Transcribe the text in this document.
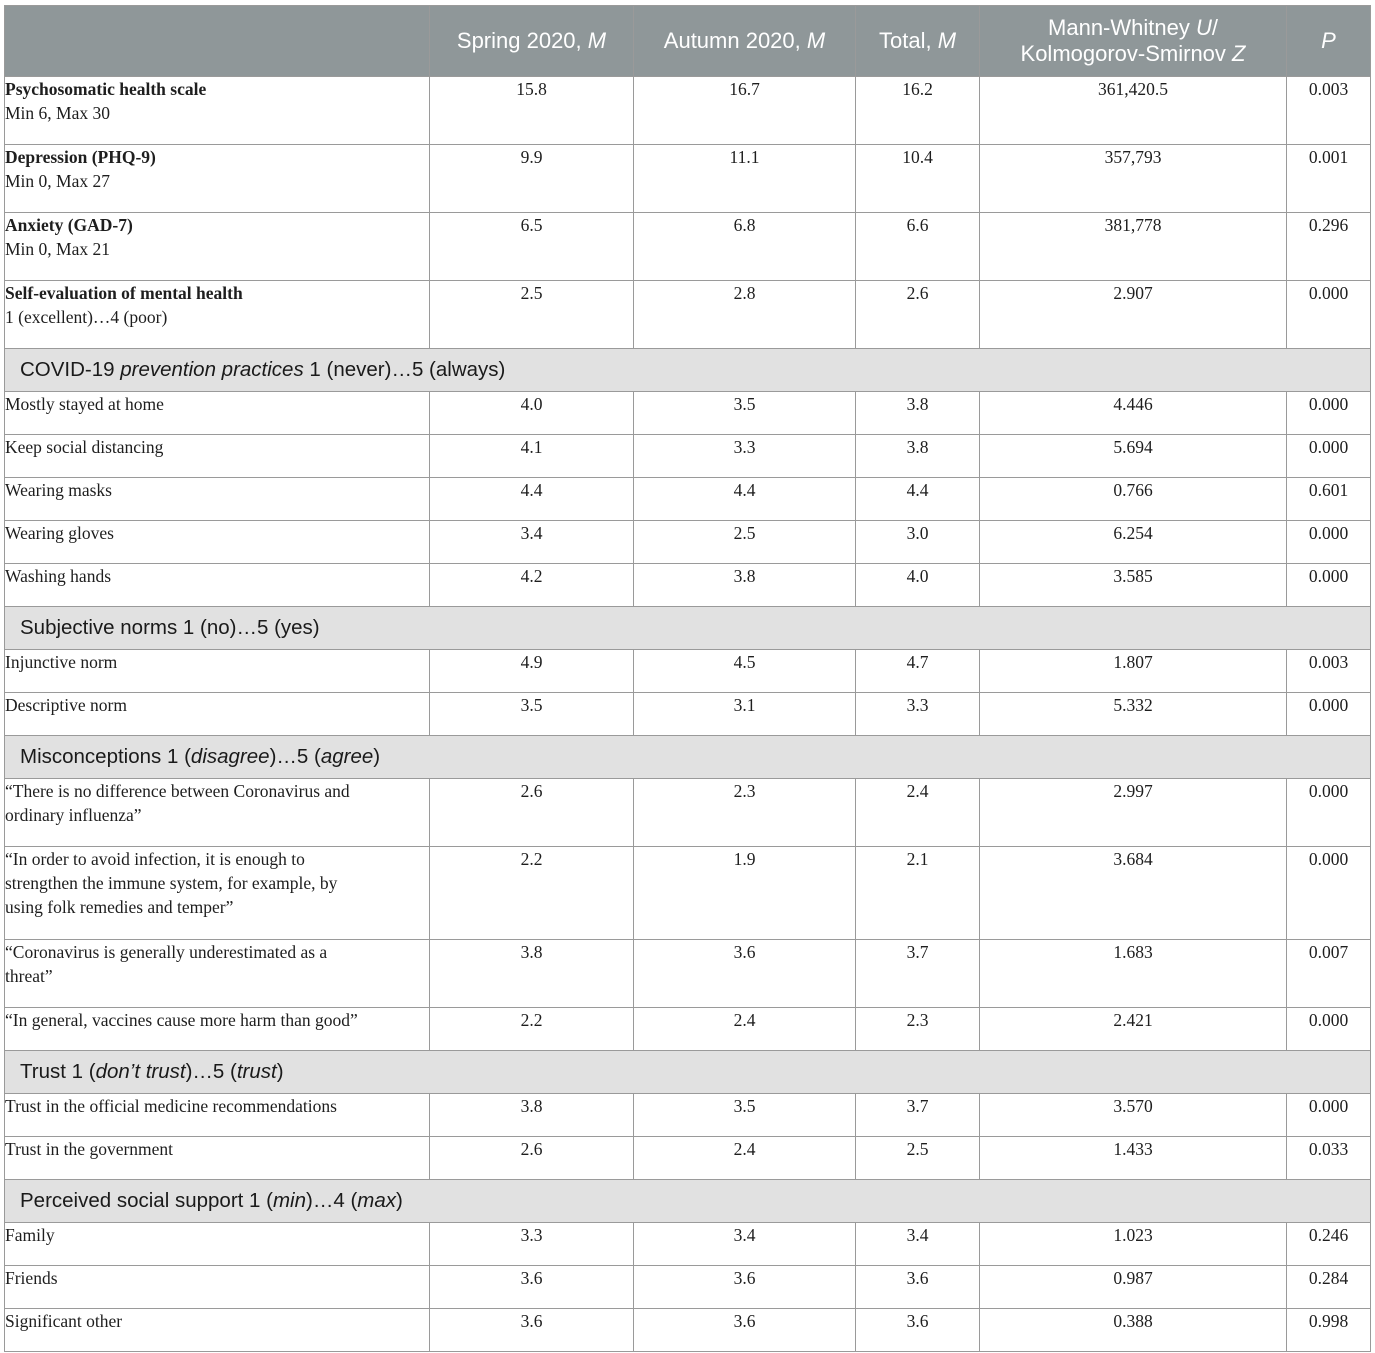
	Spring 2020, M	Autumn 2020, M	Total, M	Mann-Whitney U/
Kolmogorov-Smirnov Z	P
Psychosomatic health scale
Min 6, Max 30	15.8	16.7	16.2	361,420.5	0.003
Depression (PHQ-9)
Min 0, Max 27	9.9	11.1	10.4	357,793	0.001
Anxiety (GAD-7)
Min 0, Max 21	6.5	6.8	6.6	381,778	0.296
Self-evaluation of mental health
1 (excellent)…4 (poor)	2.5	2.8	2.6	2.907	0.000
COVID-19 prevention practices 1 (never)…5 (always)					
Mostly stayed at home	4.0	3.5	3.8	4.446	0.000
Keep social distancing	4.1	3.3	3.8	5.694	0.000
Wearing masks	4.4	4.4	4.4	0.766	0.601
Wearing gloves	3.4	2.5	3.0	6.254	0.000
Washing hands	4.2	3.8	4.0	3.585	0.000
Subjective norms 1 (no)…5 (yes)					
Injunctive norm	4.9	4.5	4.7	1.807	0.003
Descriptive norm	3.5	3.1	3.3	5.332	0.000
Misconceptions 1 (disagree)…5 (agree)					
“There is no difference between Coronavirus and
ordinary influenza”	2.6	2.3	2.4	2.997	0.000
“In order to avoid infection, it is enough to
strengthen the immune system, for example, by
using folk remedies and temper”	2.2	1.9	2.1	3.684	0.000
“Coronavirus is generally underestimated as a
threat”	3.8	3.6	3.7	1.683	0.007
“In general, vaccines cause more harm than good”	2.2	2.4	2.3	2.421	0.000
Trust 1 (don’t trust)…5 (trust)					
Trust in the official medicine recommendations	3.8	3.5	3.7	3.570	0.000
Trust in the government	2.6	2.4	2.5	1.433	0.033
Perceived social support 1 (min)…4 (max)					
Family	3.3	3.4	3.4	1.023	0.246
Friends	3.6	3.6	3.6	0.987	0.284
Significant other	3.6	3.6	3.6	0.388	0.998
